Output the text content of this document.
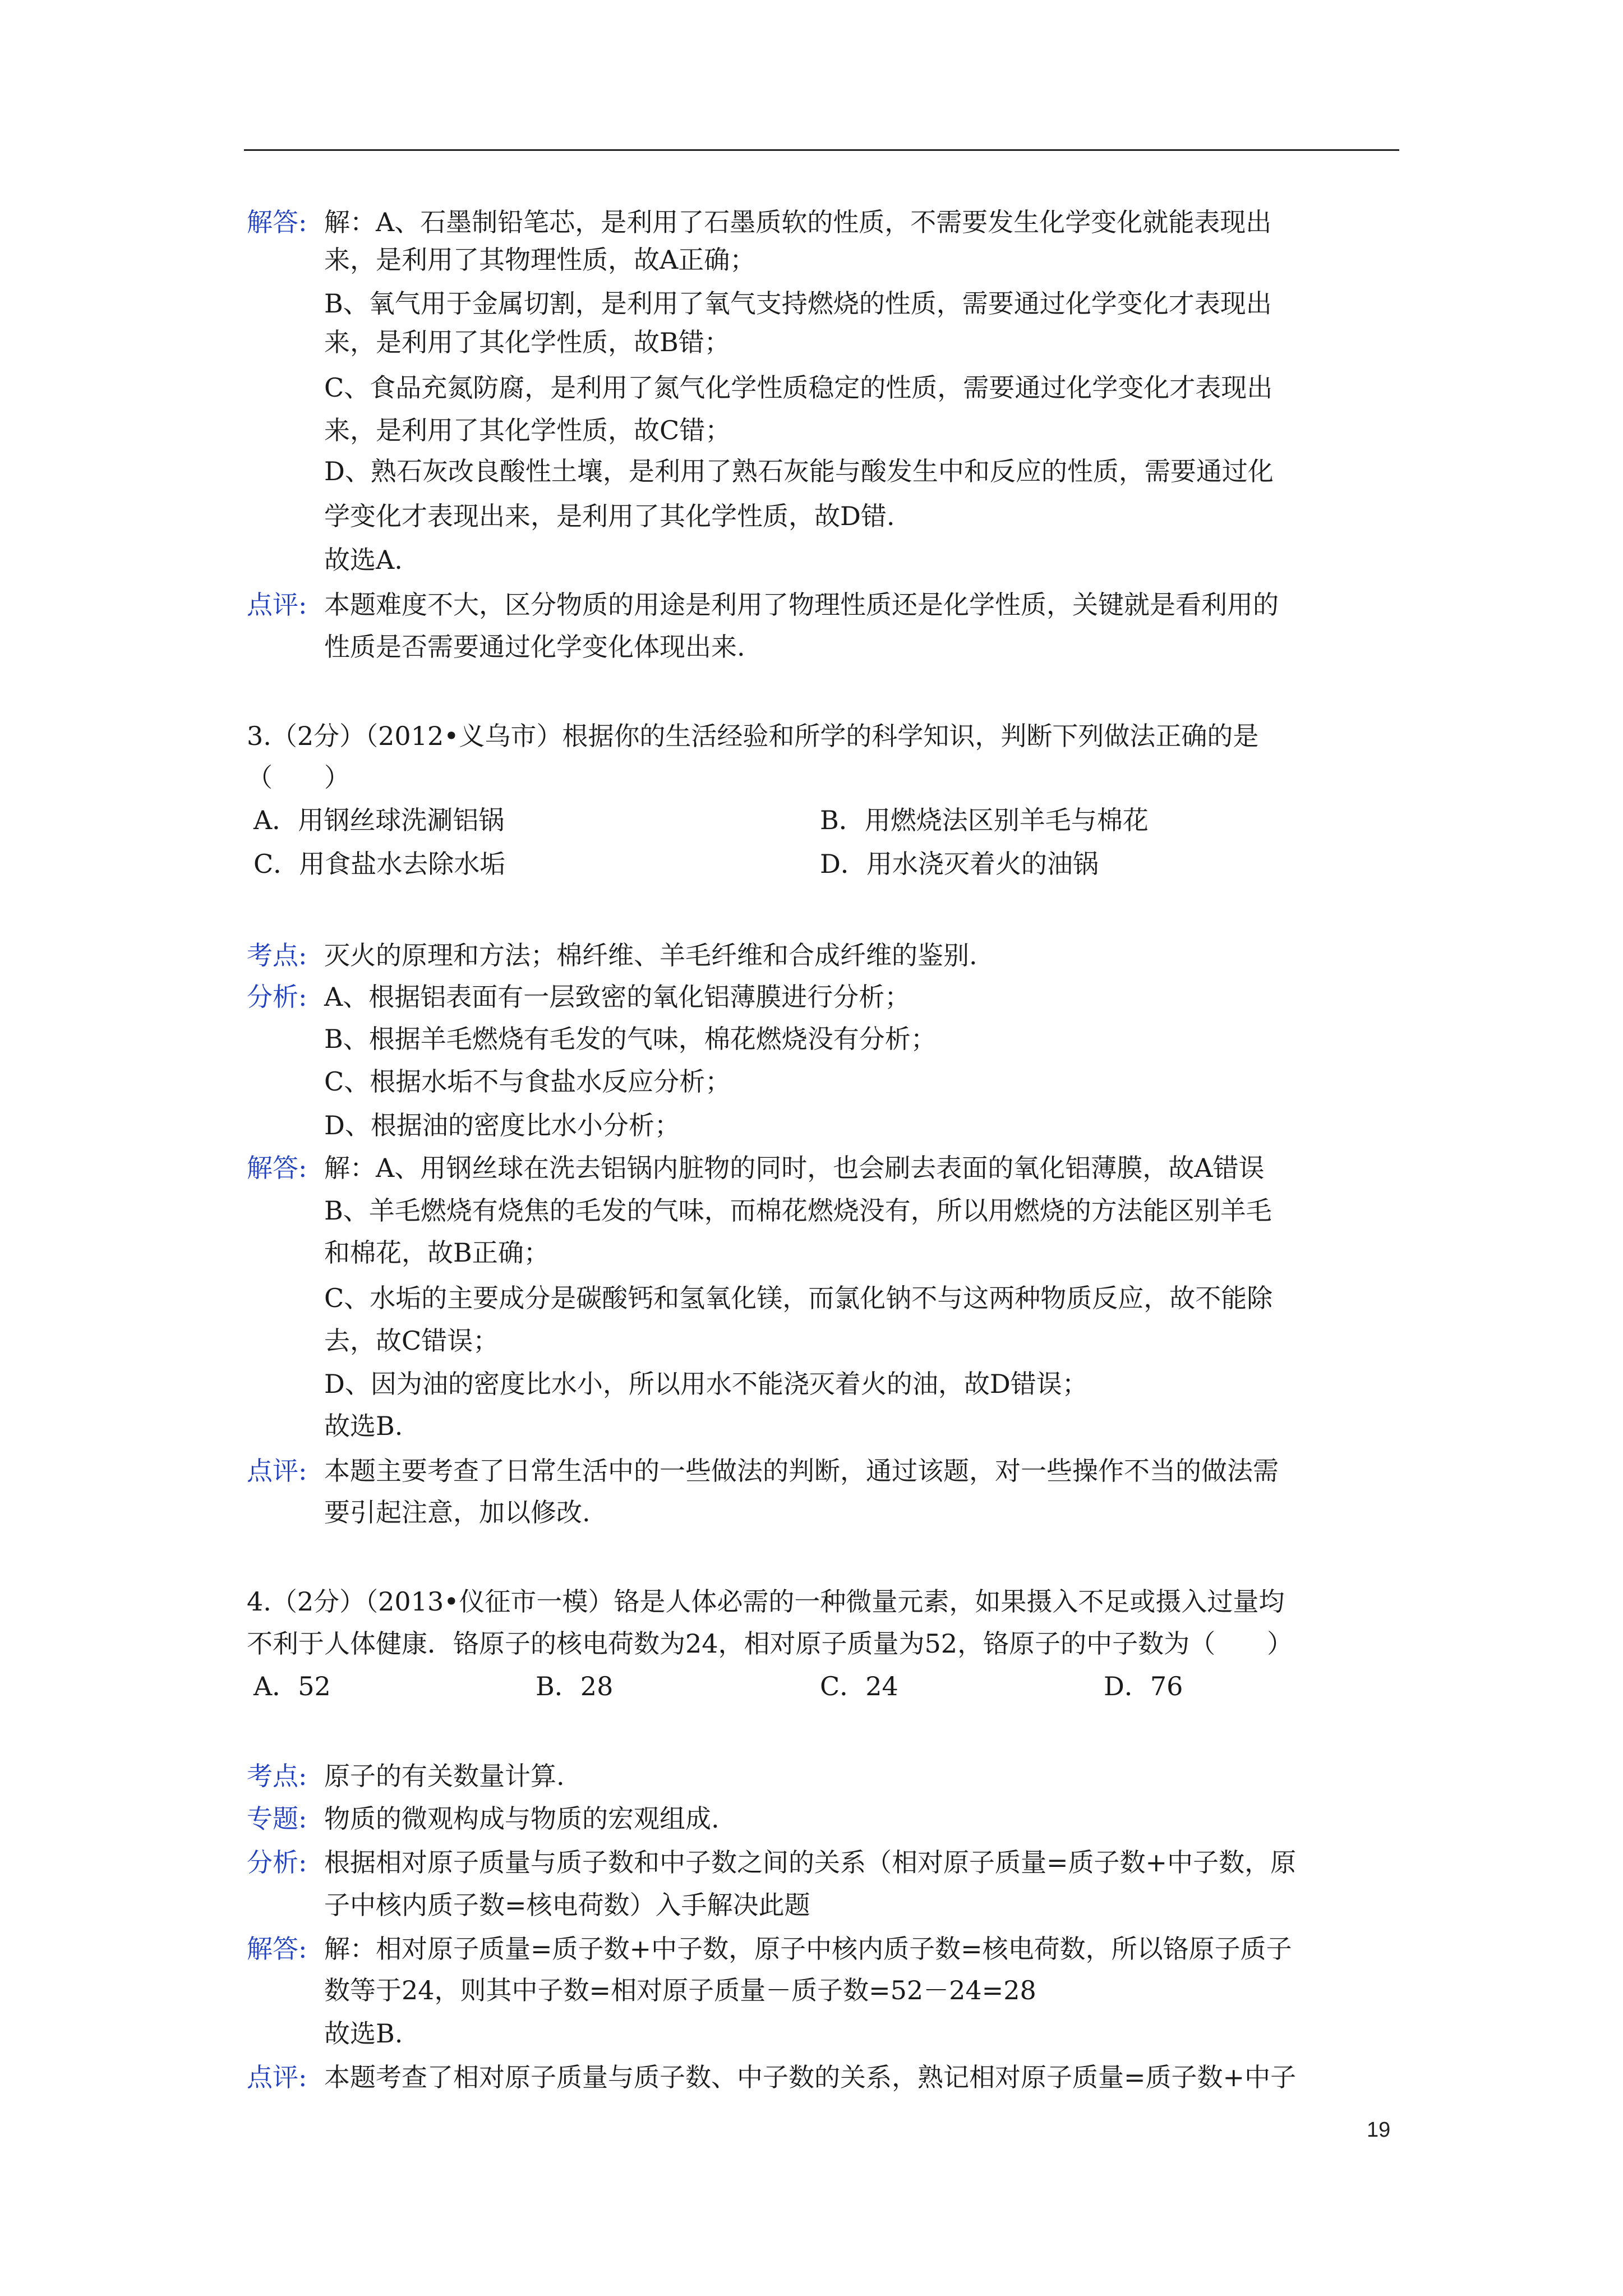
解答: 解：A、石墨制铅笔芯，是利用了石墨质软的性质，不需要发生化学变化就能表现出
来，是利用了其物理性质，故A正确；
B、氧气用于金属切割，是利用了氧气支持燃烧的性质，需要通过化学变化才表现出
来，是利用了其化学性质，故B错；
C、食品充氮防腐，是利用了氮气化学性质稳定的性质，需要通过化学变化才表现出
来，是利用了其化学性质，故C错；
D、熟石灰改良酸性土壤，是利用了熟石灰能与酸发生中和反应的性质，需要通过化
学变化才表现出来，是利用了其化学性质，故D错.
故选A.
点评: 本题难度不大，区分物质的用途是利用了物理性质还是化学性质，关键就是看利用的
性质是否需要通过化学变化体现出来.
3.（2分）（2012•义乌市）根据你的生活经验和所学的科学知识，判断下列做法正确的是
（　　）
A．用钢丝球洗涮铝锅	B．用燃烧法区别羊毛与棉花
C．用食盐水去除水垢	D．用水浇灭着火的油锅
考点: 灭火的原理和方法；棉纤维、羊毛纤维和合成纤维的鉴别.
分析: A、根据铝表面有一层致密的氧化铝薄膜进行分析；
B、根据羊毛燃烧有毛发的气味，棉花燃烧没有分析；
C、根据水垢不与食盐水反应分析；
D、根据油的密度比水小分析；
解答: 解：A、用钢丝球在洗去铝锅内脏物的同时，也会刷去表面的氧化铝薄膜，故A错误
B、羊毛燃烧有烧焦的毛发的气味，而棉花燃烧没有，所以用燃烧的方法能区别羊毛
和棉花，故B正确；
C、水垢的主要成分是碳酸钙和氢氧化镁，而氯化钠不与这两种物质反应，故不能除
去，故C错误；
D、因为油的密度比水小，所以用水不能浇灭着火的油，故D错误；
故选B.
点评: 本题主要考查了日常生活中的一些做法的判断，通过该题，对一些操作不当的做法需
要引起注意，加以修改.
4.（2分）（2013•仪征市一模）铬是人体必需的一种微量元素，如果摄入不足或摄入过量均
不利于人体健康．铬原子的核电荷数为24，相对原子质量为52，铬原子的中子数为（　　）
A．52	B．28	C．24	D．76
考点: 原子的有关数量计算.
专题: 物质的微观构成与物质的宏观组成.
分析: 根据相对原子质量与质子数和中子数之间的关系（相对原子质量=质子数+中子数，原
子中核内质子数=核电荷数）入手解决此题
解答: 解：相对原子质量=质子数+中子数，原子中核内质子数=核电荷数，所以铬原子质子
数等于24，则其中子数=相对原子质量－质子数=52－24=28
故选B.
点评: 本题考查了相对原子质量与质子数、中子数的关系，熟记相对原子质量=质子数+中子
19
